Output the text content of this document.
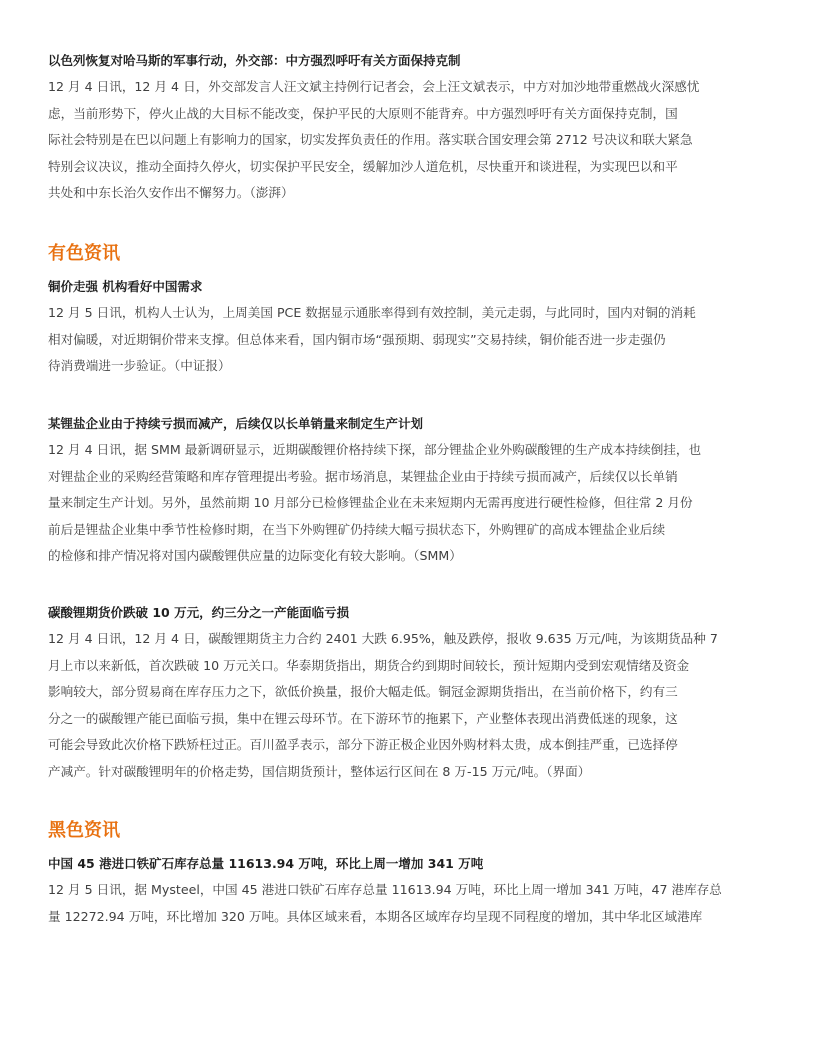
以色列恢复对哈马斯的军事行动，外交部：中方强烈呼吁有关方面保持克制

12 月 4 日讯，12 月 4 日，外交部发言人汪文斌主持例行记者会，会上汪文斌表示，中方对加沙地带重燃战火深感忧
虑，当前形势下，停火止战的大目标不能改变，保护平民的大原则不能背弃。中方强烈呼吁有关方面保持克制，国
际社会特别是在巴以问题上有影响力的国家，切实发挥负责任的作用。落实联合国安理会第 2712 号决议和联大紧急
特别会议决议，推动全面持久停火，切实保护平民安全，缓解加沙人道危机，尽快重开和谈进程，为实现巴以和平
共处和中东长治久安作出不懈努力。（澎湃）

有色资讯
铜价走强 机构看好中国需求

12 月 5 日讯，机构人士认为，上周美国 PCE 数据显示通胀率得到有效控制，美元走弱，与此同时，国内对铜的消耗
相对偏暖，对近期铜价带来支撑。但总体来看，国内铜市场“强预期、弱现实”交易持续，铜价能否进一步走强仍
待消费端进一步验证。（中证报）

某锂盐企业由于持续亏损而减产，后续仅以长单销量来制定生产计划

12 月 4 日讯，据 SMM 最新调研显示，近期碳酸锂价格持续下探，部分锂盐企业外购碳酸锂的生产成本持续倒挂，也
对锂盐企业的采购经营策略和库存管理提出考验。据市场消息，某锂盐企业由于持续亏损而减产，后续仅以长单销
量来制定生产计划。另外，虽然前期 10 月部分已检修锂盐企业在未来短期内无需再度进行硬性检修，但往常 2 月份
前后是锂盐企业集中季节性检修时期，在当下外购锂矿仍持续大幅亏损状态下，外购锂矿的高成本锂盐企业后续
的检修和排产情况将对国内碳酸锂供应量的边际变化有较大影响。（SMM）

碳酸锂期货价跌破 10 万元，约三分之一产能面临亏损

12 月 4 日讯，12 月 4 日，碳酸锂期货主力合约 2401 大跌 6.95%，触及跌停，报收 9.635 万元/吨，为该期货品种 7
月上市以来新低，首次跌破 10 万元关口。华泰期货指出，期货合约到期时间较长，预计短期内受到宏观情绪及资金
影响较大，部分贸易商在库存压力之下，欲低价换量，报价大幅走低。铜冠金源期货指出，在当前价格下，约有三
分之一的碳酸锂产能已面临亏损，集中在锂云母环节。在下游环节的拖累下，产业整体表现出消费低迷的现象，这
可能会导致此次价格下跌矫枉过正。百川盈孚表示，部分下游正极企业因外购材料太贵，成本倒挂严重，已选择停
产减产。针对碳酸锂明年的价格走势，国信期货预计，整体运行区间在 8 万-15 万元/吨。（界面）

黑色资讯
中国 45 港进口铁矿石库存总量 11613.94 万吨，环比上周一增加 341 万吨

12 月 5 日讯，据 Mysteel，中国 45 港进口铁矿石库存总量 11613.94 万吨，环比上周一增加 341 万吨，47 港库存总
量 12272.94 万吨，环比增加 320 万吨。具体区域来看，本期各区域库存均呈现不同程度的增加，其中华北区域港库
